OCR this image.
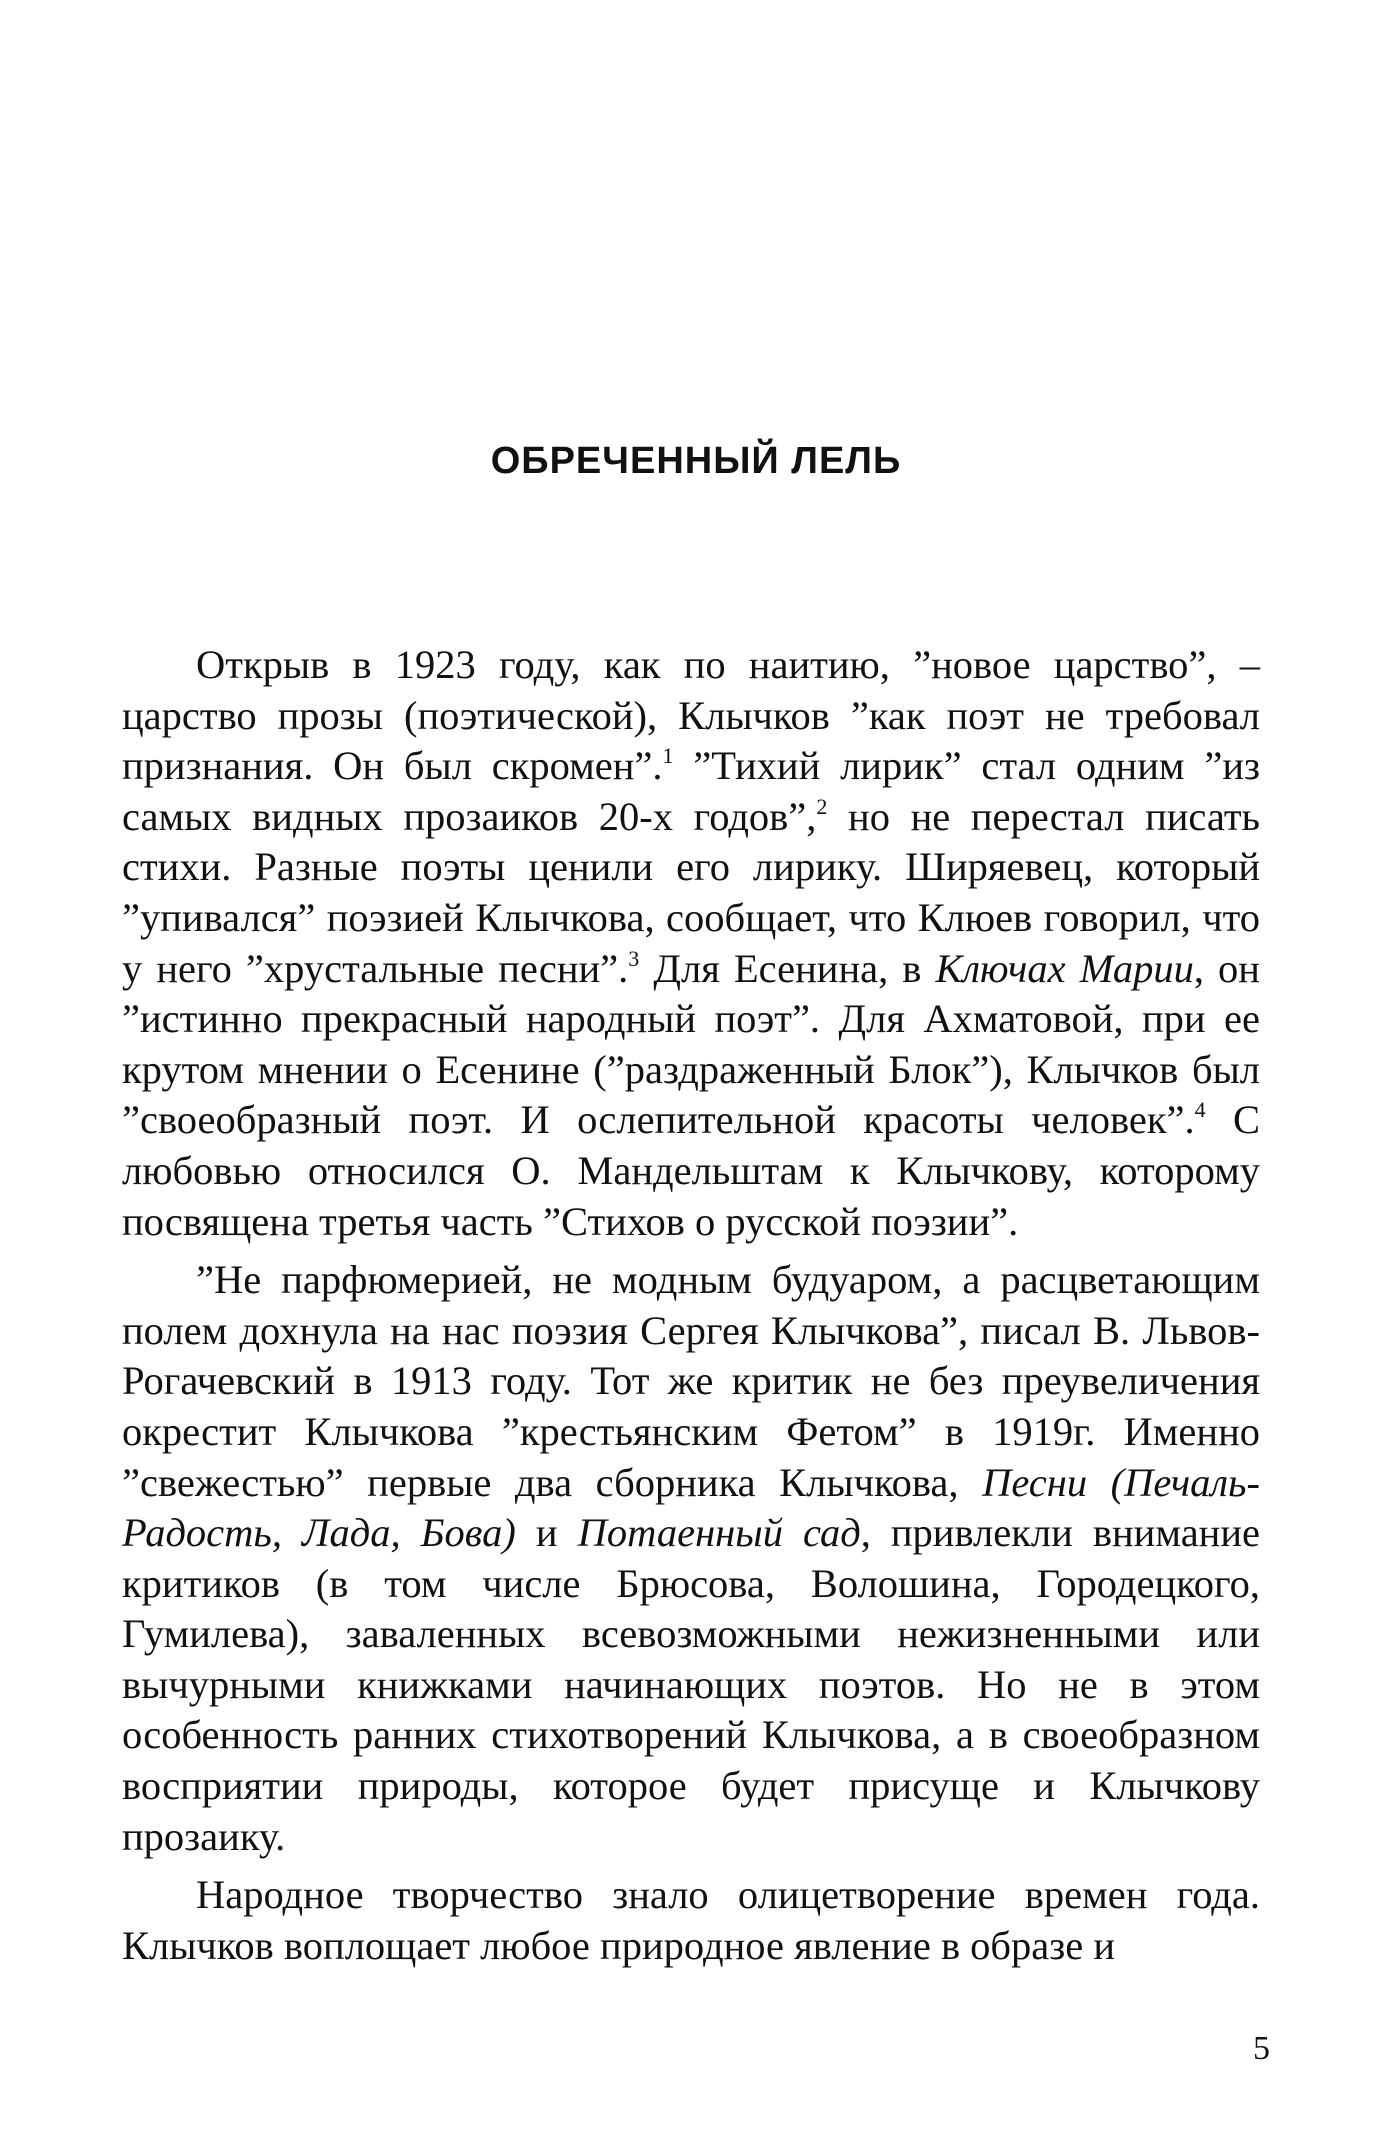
ОБРЕЧЕННЫЙ ЛЕЛЬ

Открыв в 1923 году, как по наитию, ”новое царство”, – царство прозы (поэтической), Клычков ”как поэт не требовал признания. Он был скромен”.$^1$ ”Тихий лирик” стал одним ”из самых видных прозаиков 20-х годов”,$^2$ но не перестал писать стихи. Разные поэты ценили его лирику. Ширяевец, который ”упивался” поэзией Клычкова, сообщает, что Клюев говорил, что у него ”хрустальные песни”.$^3$ Для Есенина, в Ключах Марии, он ”истинно прекрасный народный поэт”. Для Ахматовой, при ее крутом мнении о Есенине (”раздраженный Блок”), Клычков был ”своеобразный поэт. И ослепительной красоты человек”.$^4$ С любовью относился О. Мандельштам к Клычкову, которому посвящена третья часть ”Стихов о русской поэзии”.

”Не парфюмерией, не модным будуаром, а расцветающим полем дохнула на нас поэзия Сергея Клычкова”, писал В. Львов-Рогачевский в 1913 году. Тот же критик не без преувеличения окрестит Клычкова ”крестьянским Фетом” в 1919г. Именно ”свежестью” первые два сборника Клычкова, Песни (Печаль-Радость, Лада, Бова) и Потаенный сад, привлекли внимание критиков (в том числе Брюсова, Волошина, Городецкого, Гумилева), заваленных всевозможными нежизненными или вычурными книжками начинающих поэтов. Но не в этом особенность ранних стихотворений Клычкова, а в своеобразном восприятии природы, которое будет присуще и Клычкову прозаику.

Народное творчество знало олицетворение времен года. Клычков воплощает любое природное явление в образе и

5
